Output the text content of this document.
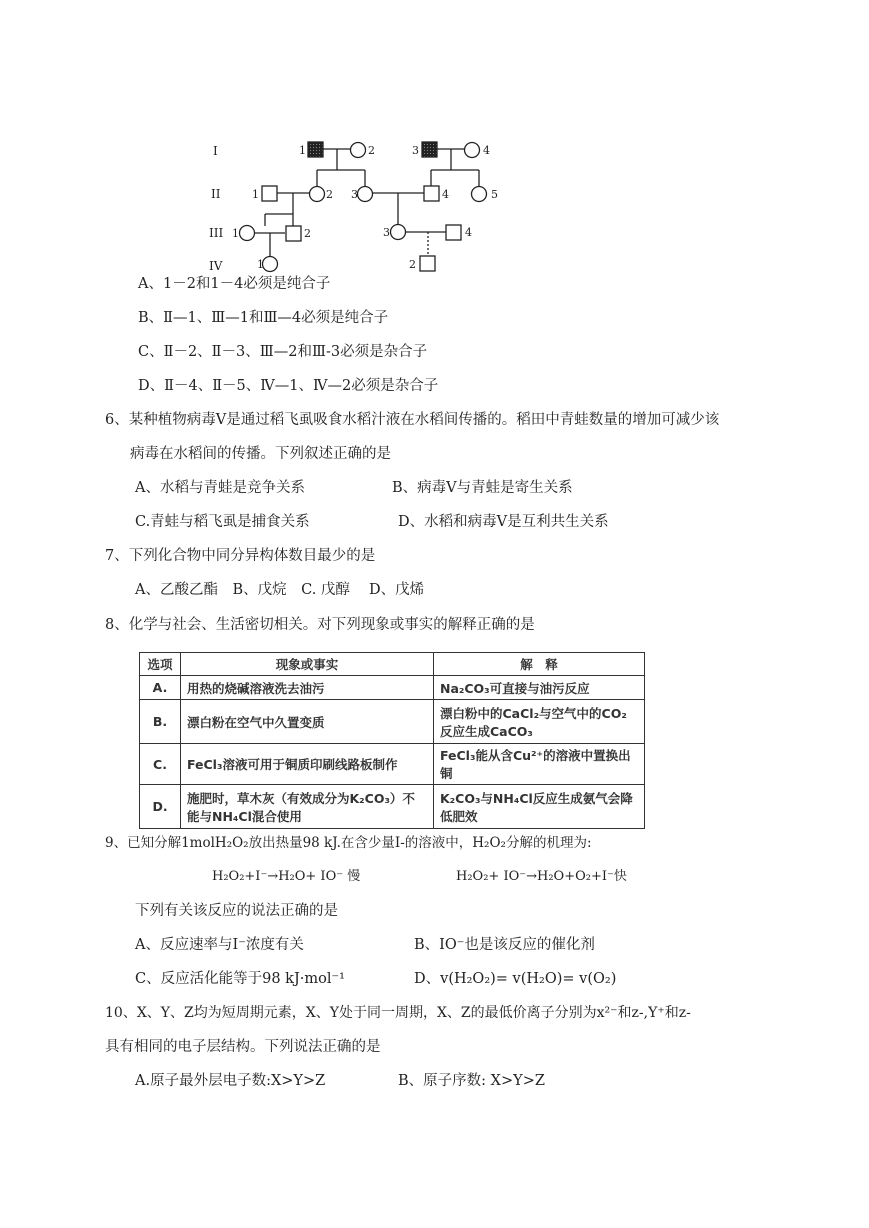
I
II
III
IV
1	2	3	4
1	2 3	4	5
1	2	3	4
1	2
A、1－2和1－4必须是纯合子
B、Ⅱ—1、Ⅲ—1和Ⅲ—4必须是纯合子
C、Ⅱ－2、Ⅱ－3、Ⅲ—2和Ⅲ-3必须是杂合子
D、Ⅱ－4、Ⅱ－5、Ⅳ—1、Ⅳ—2必须是杂合子
6、某种植物病毒V是通过稻飞虱吸食水稻汁液在水稻间传播的。稻田中青蛙数量的增加可减少该
病毒在水稻间的传播。下列叙述正确的是
A、水稻与青蛙是竞争关系	B、病毒V与青蛙是寄生关系
C.青蛙与稻飞虱是捕食关系	D、水稻和病毒V是互利共生关系
7、下列化合物中同分异构体数目最少的是
A、乙酸乙酯　B、戊烷　C. 戊醇　 D、戊烯
8、化学与社会、生活密切相关。对下列现象或事实的解释正确的是
选项	现象或事实	解　释
A.	用热的烧碱溶液洗去油污	Na₂CO₃可直接与油污反应
B.	漂白粉在空气中久置变质	漂白粉中的CaCl₂与空气中的CO₂反应生成CaCO₃
C.	FeCl₃溶液可用于铜质印刷线路板制作	FeCl₃能从含Cu²⁺的溶液中置换出铜
D.	施肥时，草木灰（有效成分为K₂CO₃）不能与NH₄Cl混合使用	K₂CO₃与NH₄Cl反应生成氨气会降低肥效
9、已知分解1molH₂O₂放出热量98 kJ.在含少量I-的溶液中，H₂O₂分解的机理为:
H₂O₂+I⁻→H₂O+ IO⁻ 慢	H₂O₂+ IO⁻→H₂O+O₂+I⁻快
下列有关该反应的说法正确的是
A、反应速率与I⁻浓度有关	B、IO⁻也是该反应的催化剂
C、反应活化能等于98 kJ·mol⁻¹	D、v(H₂O₂)= v(H₂O)= v(O₂)
10、X、Y、Z均为短周期元素，X、Y处于同一周期，X、Z的最低价离子分别为x²⁻和z-,Y⁺和z-
具有相同的电子层结构。下列说法正确的是
A.原子最外层电子数:X>Y>Z	B、原子序数: X>Y>Z
